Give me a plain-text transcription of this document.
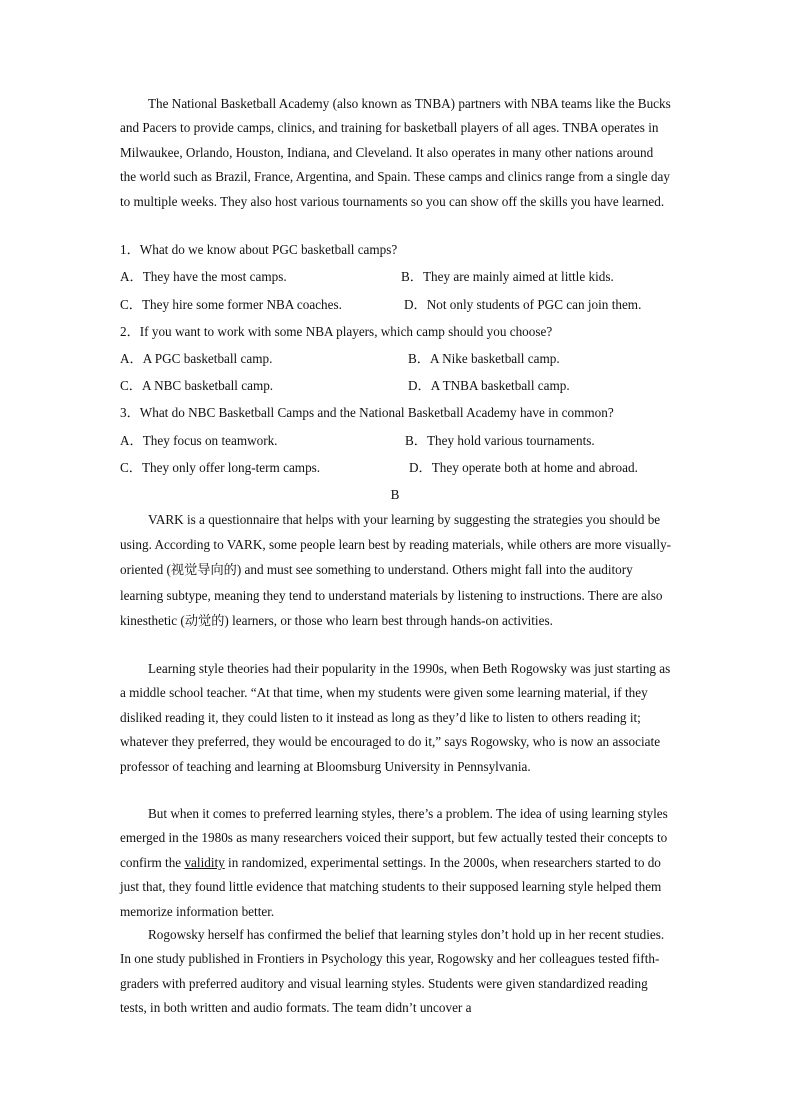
The National Basketball Academy (also known as TNBA) partners with NBA teams like the Bucks and Pacers to provide camps, clinics, and training for basketball players of all ages. TNBA operates in Milwaukee, Orlando, Houston, Indiana, and Cleveland. It also operates in many other nations around the world such as Brazil, France, Argentina, and Spain. These camps and clinics range from a single day to multiple weeks. They also host various tournaments so you can show off the skills you have learned.

1．What do we know about PGC basketball camps?
A．They have the most camps.	B．They are mainly aimed at little kids.
C．They hire some former NBA coaches.	D．Not only students of PGC can join them.
2．If you want to work with some NBA players, which camp should you choose?
A．A PGC basketball camp.	B．A Nike basketball camp.
C．A NBC basketball camp.	D．A TNBA basketball camp.
3．What do NBC Basketball Camps and the National Basketball Academy have in common?
A．They focus on teamwork.	B．They hold various tournaments.
C．They only offer long-term camps.	D．They operate both at home and abroad.
B

VARK is a questionnaire that helps with your learning by suggesting the strategies you should be using. According to VARK, some people learn best by reading materials, while others are more visually-oriented (视觉导向的) and must see something to understand. Others might fall into the auditory learning subtype, meaning they tend to understand materials by listening to instructions. There are also kinesthetic (动觉的) learners, or those who learn best through hands-on activities.

Learning style theories had their popularity in the 1990s, when Beth Rogowsky was just starting as a middle school teacher. “At that time, when my students were given some learning material, if they disliked reading it, they could listen to it instead as long as they’d like to listen to others reading it; whatever they preferred, they would be encouraged to do it,” says Rogowsky, who is now an associate professor of teaching and learning at Bloomsburg University in Pennsylvania.

But when it comes to preferred learning styles, there’s a problem. The idea of using learning styles emerged in the 1980s as many researchers voiced their support, but few actually tested their concepts to confirm the validity in randomized, experimental settings. In the 2000s, when researchers started to do just that, they found little evidence that matching students to their supposed learning style helped them memorize information better.

Rogowsky herself has confirmed the belief that learning styles don’t hold up in her recent studies. In one study published in Frontiers in Psychology this year, Rogowsky and her colleagues tested fifth-graders with preferred auditory and visual learning styles. Students were given standardized reading tests, in both written and audio formats. The team didn’t uncover a
